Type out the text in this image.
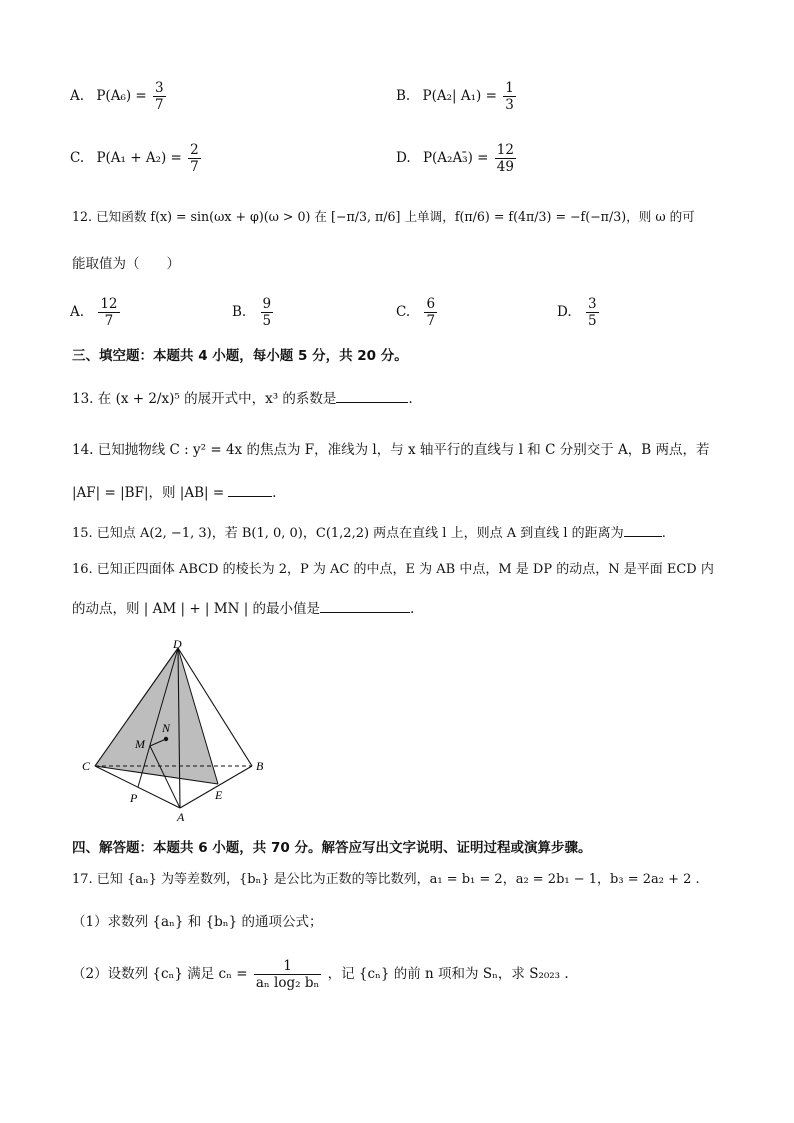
A. $P(A_6) = \frac{3}{7}$	B. P(A₂| $A_1) = \frac{1}{3}$
C. $P(A_1 + A_2) = \frac{2}{7}$	D. P(A₂A₃̄) = $\frac{12}{49}$
12. 已知函数 f(x) = sin(ωx + φ)(ω > 0) 在 [−π/3, π/6] 上单调，f(π/6) = f(4π/3) = −f(−π/3)，则 ω 的可
能取值为（　　）
A. $\frac{12}{7}$	B. $\frac{9}{5}$	C. $\frac{6}{7}$	D. $\frac{3}{5}$
三、填空题：本题共 4 小题，每小题 5 分，共 20 分。
13. 在 (x + 2/x)⁵ 的展开式中，x³ 的系数是	.
14. 已知抛物线 C : y² = 4x 的焦点为 F，准线为 l，与 x 轴平行的直线与 l 和 C 分别交于 A，B 两点，若
|AF| = |BF|，则 |AB| =	.
15. 已知点 A(2, −1, 3)，若 B(1, 0, 0)，C(1,2,2) 两点在直线 l 上，则点 A 到直线 l 的距离为	.
16. 已知正四面体 ABCD 的棱长为 2，P 为 AC 的中点，E 为 AB 中点，M 是 DP 的动点，N 是平面 ECD 内
的动点，则 | AM | + | MN | 的最小值是	.
D
C	B
A
P	E
M
N
四、解答题：本题共 6 小题，共 70 分。解答应写出文字说明、证明过程或演算步骤。
17. 已知 {aₙ} 为等差数列，{bₙ} 是公比为正数的等比数列，a₁ = b₁ = 2，a₂ = 2b₁ − 1，b₃ = 2a₂ + 2 .
（1）求数列 {aₙ} 和 {bₙ} 的通项公式；
（2）设数列 {cₙ} 满足 $c_n = \frac{1}{\text{aₙ log₂ bₙ}}$ ，记 {cₙ} 的前 n 项和为 Sₙ，求 S₂₀₂₃ .
